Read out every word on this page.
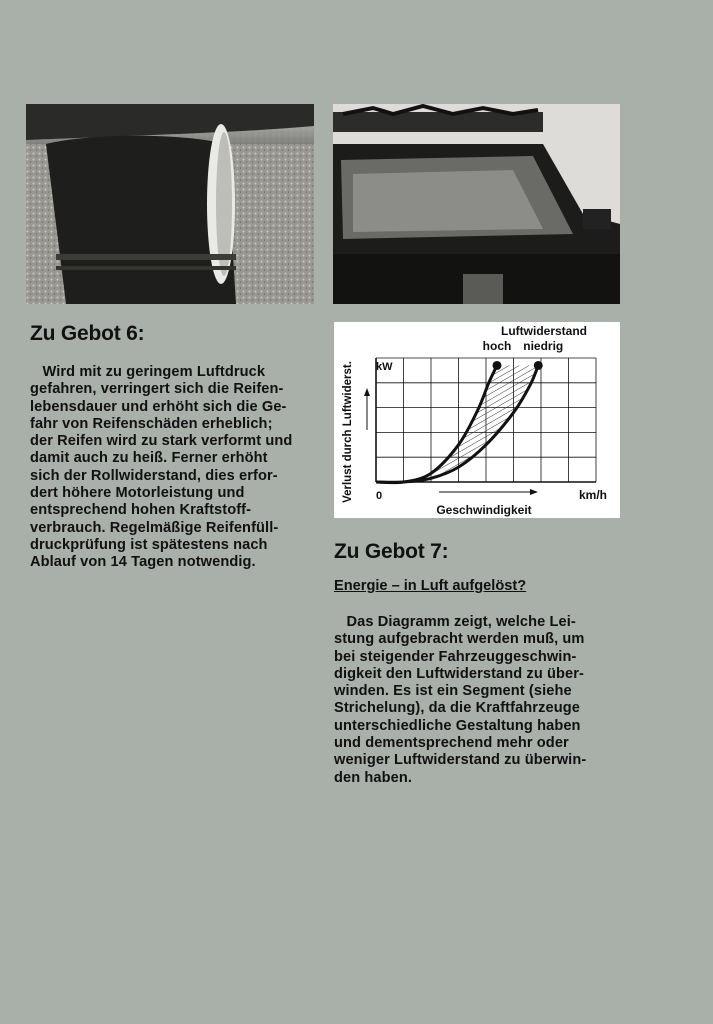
Zu Gebot 6:
Wird mit zu geringem Luftdruck
gefahren, verringert sich die Reifen-
lebensdauer und erhöht sich die Ge-
fahr von Reifenschäden erheblich;
der Reifen wird zu stark verformt und
damit auch zu heiß. Ferner erhöht
sich der Rollwiderstand, dies erfor-
dert höhere Motorleistung und
entsprechend hohen Kraftstoff-
verbrauch. Regelmäßige Reifenfüll-
druckprüfung ist spätestens nach
Ablauf von 14 Tagen notwendig.
Luftwiderstand
hoch niedrig
kW
0	km/h
Geschwindigkeit
Verlust durch Luftwiderst.
Zu Gebot 7:
Energie – in Luft aufgelöst?
Das Diagramm zeigt, welche Lei-
stung aufgebracht werden muß, um
bei steigender Fahrzeuggeschwin-
digkeit den Luftwiderstand zu über-
winden. Es ist ein Segment (siehe
Strichelung), da die Kraftfahrzeuge
unterschiedliche Gestaltung haben
und dementsprechend mehr oder
weniger Luftwiderstand zu überwin-
den haben.
